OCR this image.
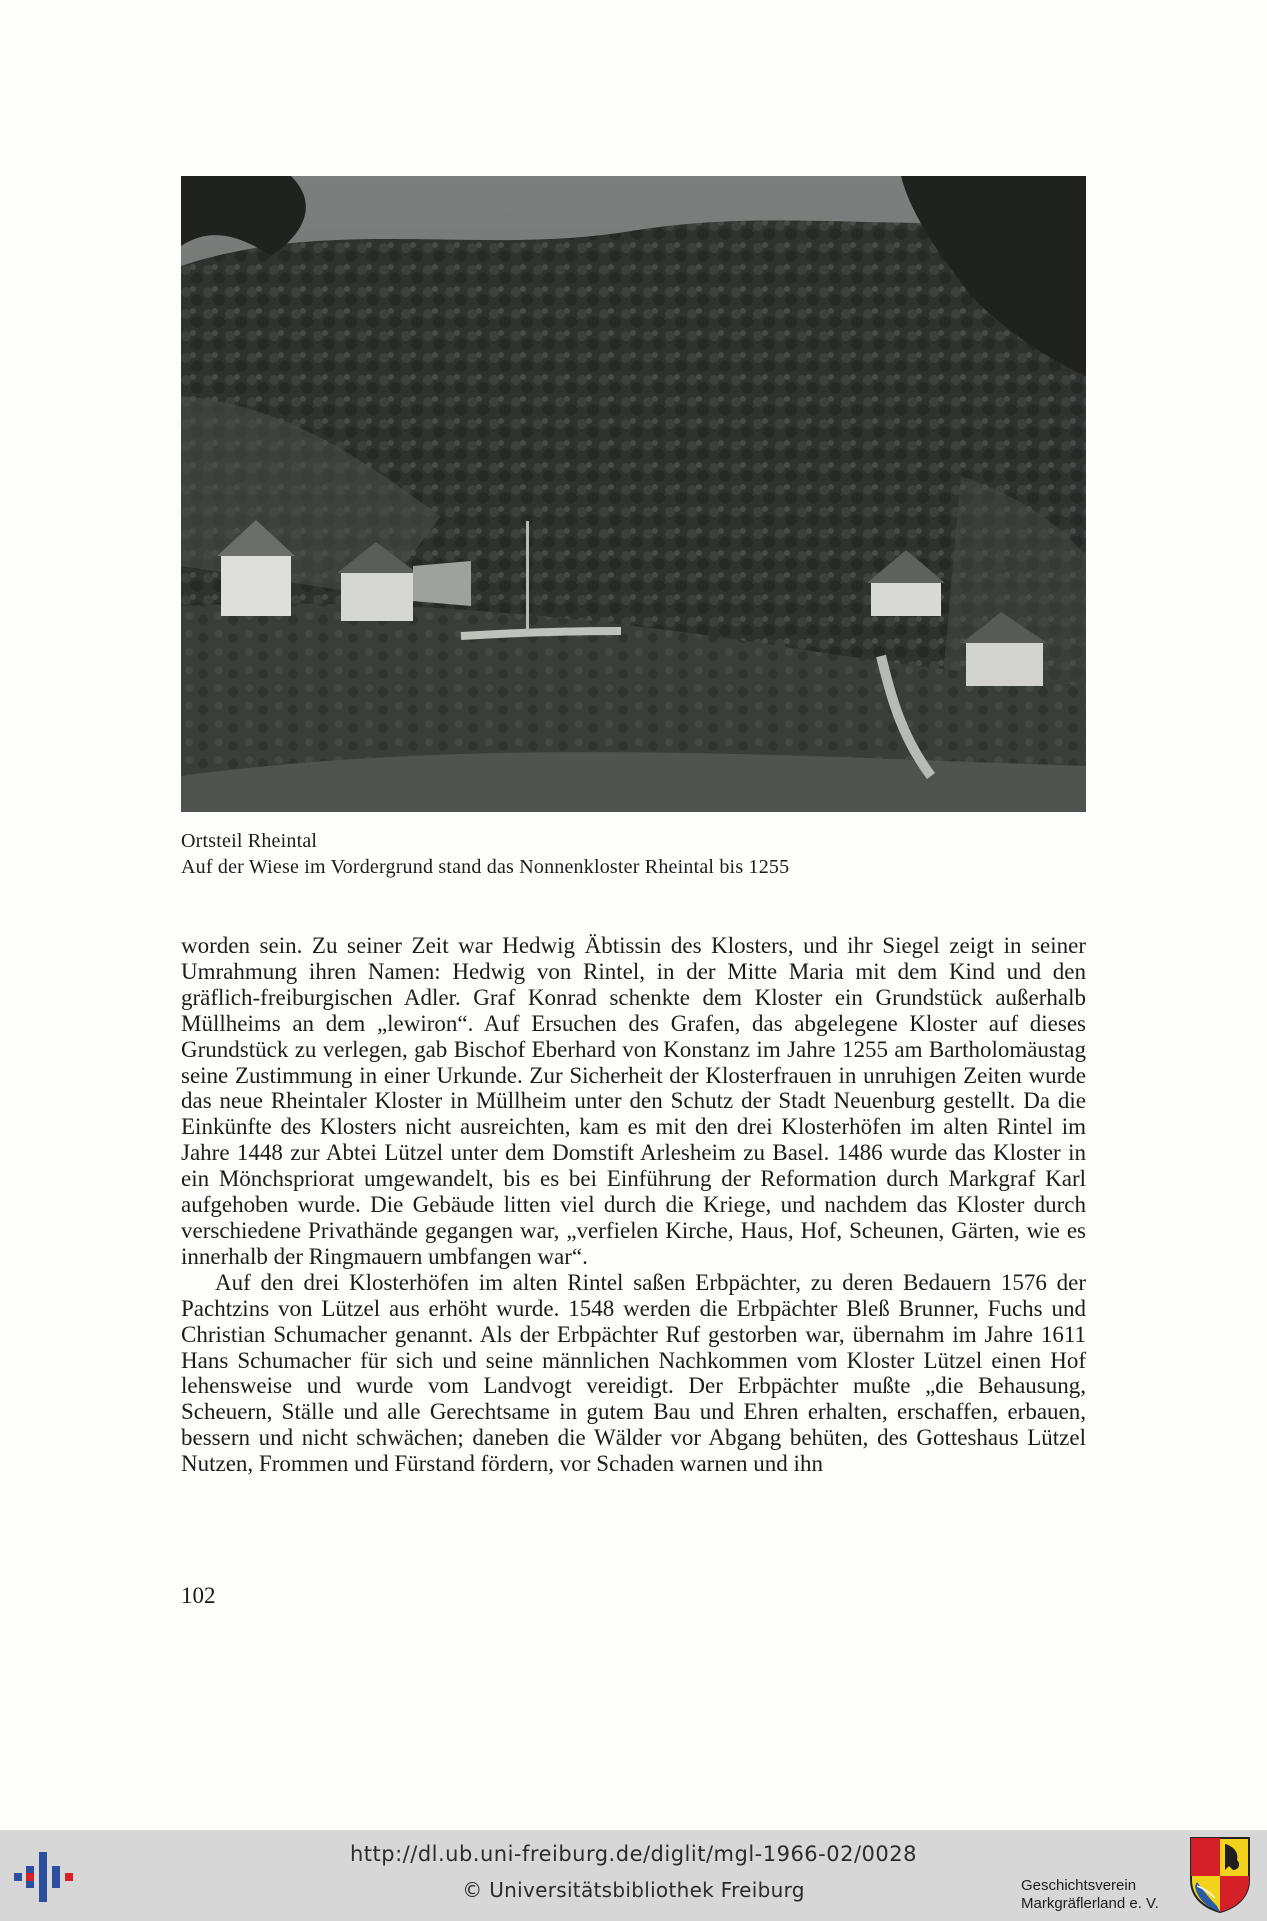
Ortsteil Rheintal
Auf der Wiese im Vordergrund stand das Nonnenkloster Rheintal bis 1255

worden sein. Zu seiner Zeit war Hedwig Äbtissin des Klosters, und ihr Siegel zeigt in seiner Umrahmung ihren Namen: Hedwig von Rintel, in der Mitte Maria mit dem Kind und den gräflich-freiburgischen Adler. Graf Konrad schenkte dem Kloster ein Grundstück außerhalb Müllheims an dem „lewiron“. Auf Ersuchen des Grafen, das abgelegene Kloster auf dieses Grundstück zu verlegen, gab Bischof Eberhard von Konstanz im Jahre 1255 am Bartholomäustag seine Zustimmung in einer Urkunde. Zur Sicherheit der Klosterfrauen in unruhigen Zeiten wurde das neue Rheintaler Kloster in Müllheim unter den Schutz der Stadt Neuenburg gestellt. Da die Einkünfte des Klosters nicht ausreichten, kam es mit den drei Klosterhöfen im alten Rintel im Jahre 1448 zur Abtei Lützel unter dem Domstift Arlesheim zu Basel. 1486 wurde das Kloster in ein Mönchspriorat umgewandelt, bis es bei Einführung der Reformation durch Markgraf Karl aufgehoben wurde. Die Gebäude litten viel durch die Kriege, und nachdem das Kloster durch verschiedene Privathände gegangen war, „verfielen Kirche, Haus, Hof, Scheunen, Gärten, wie es innerhalb der Ringmauern umbfangen war“.

Auf den drei Klosterhöfen im alten Rintel saßen Erbpächter, zu deren Bedauern 1576 der Pachtzins von Lützel aus erhöht wurde. 1548 werden die Erbpächter Bleß Brunner, Fuchs und Christian Schumacher genannt. Als der Erbpächter Ruf gestorben war, übernahm im Jahre 1611 Hans Schumacher für sich und seine männlichen Nachkommen vom Kloster Lützel einen Hof lehensweise und wurde vom Landvogt vereidigt. Der Erbpächter mußte „die Behausung, Scheuern, Ställe und alle Gerechtsame in gutem Bau und Ehren erhalten, erschaffen, erbauen, bessern und nicht schwächen; daneben die Wälder vor Abgang behüten, des Gotteshaus Lützel Nutzen, Frommen und Fürstand fördern, vor Schaden warnen und ihn

102
http://dl.ub.uni-freiburg.de/diglit/mgl-1966-02/0028
© Universitätsbibliothek Freiburg	Geschichtsverein
Markgräflerland e. V.
